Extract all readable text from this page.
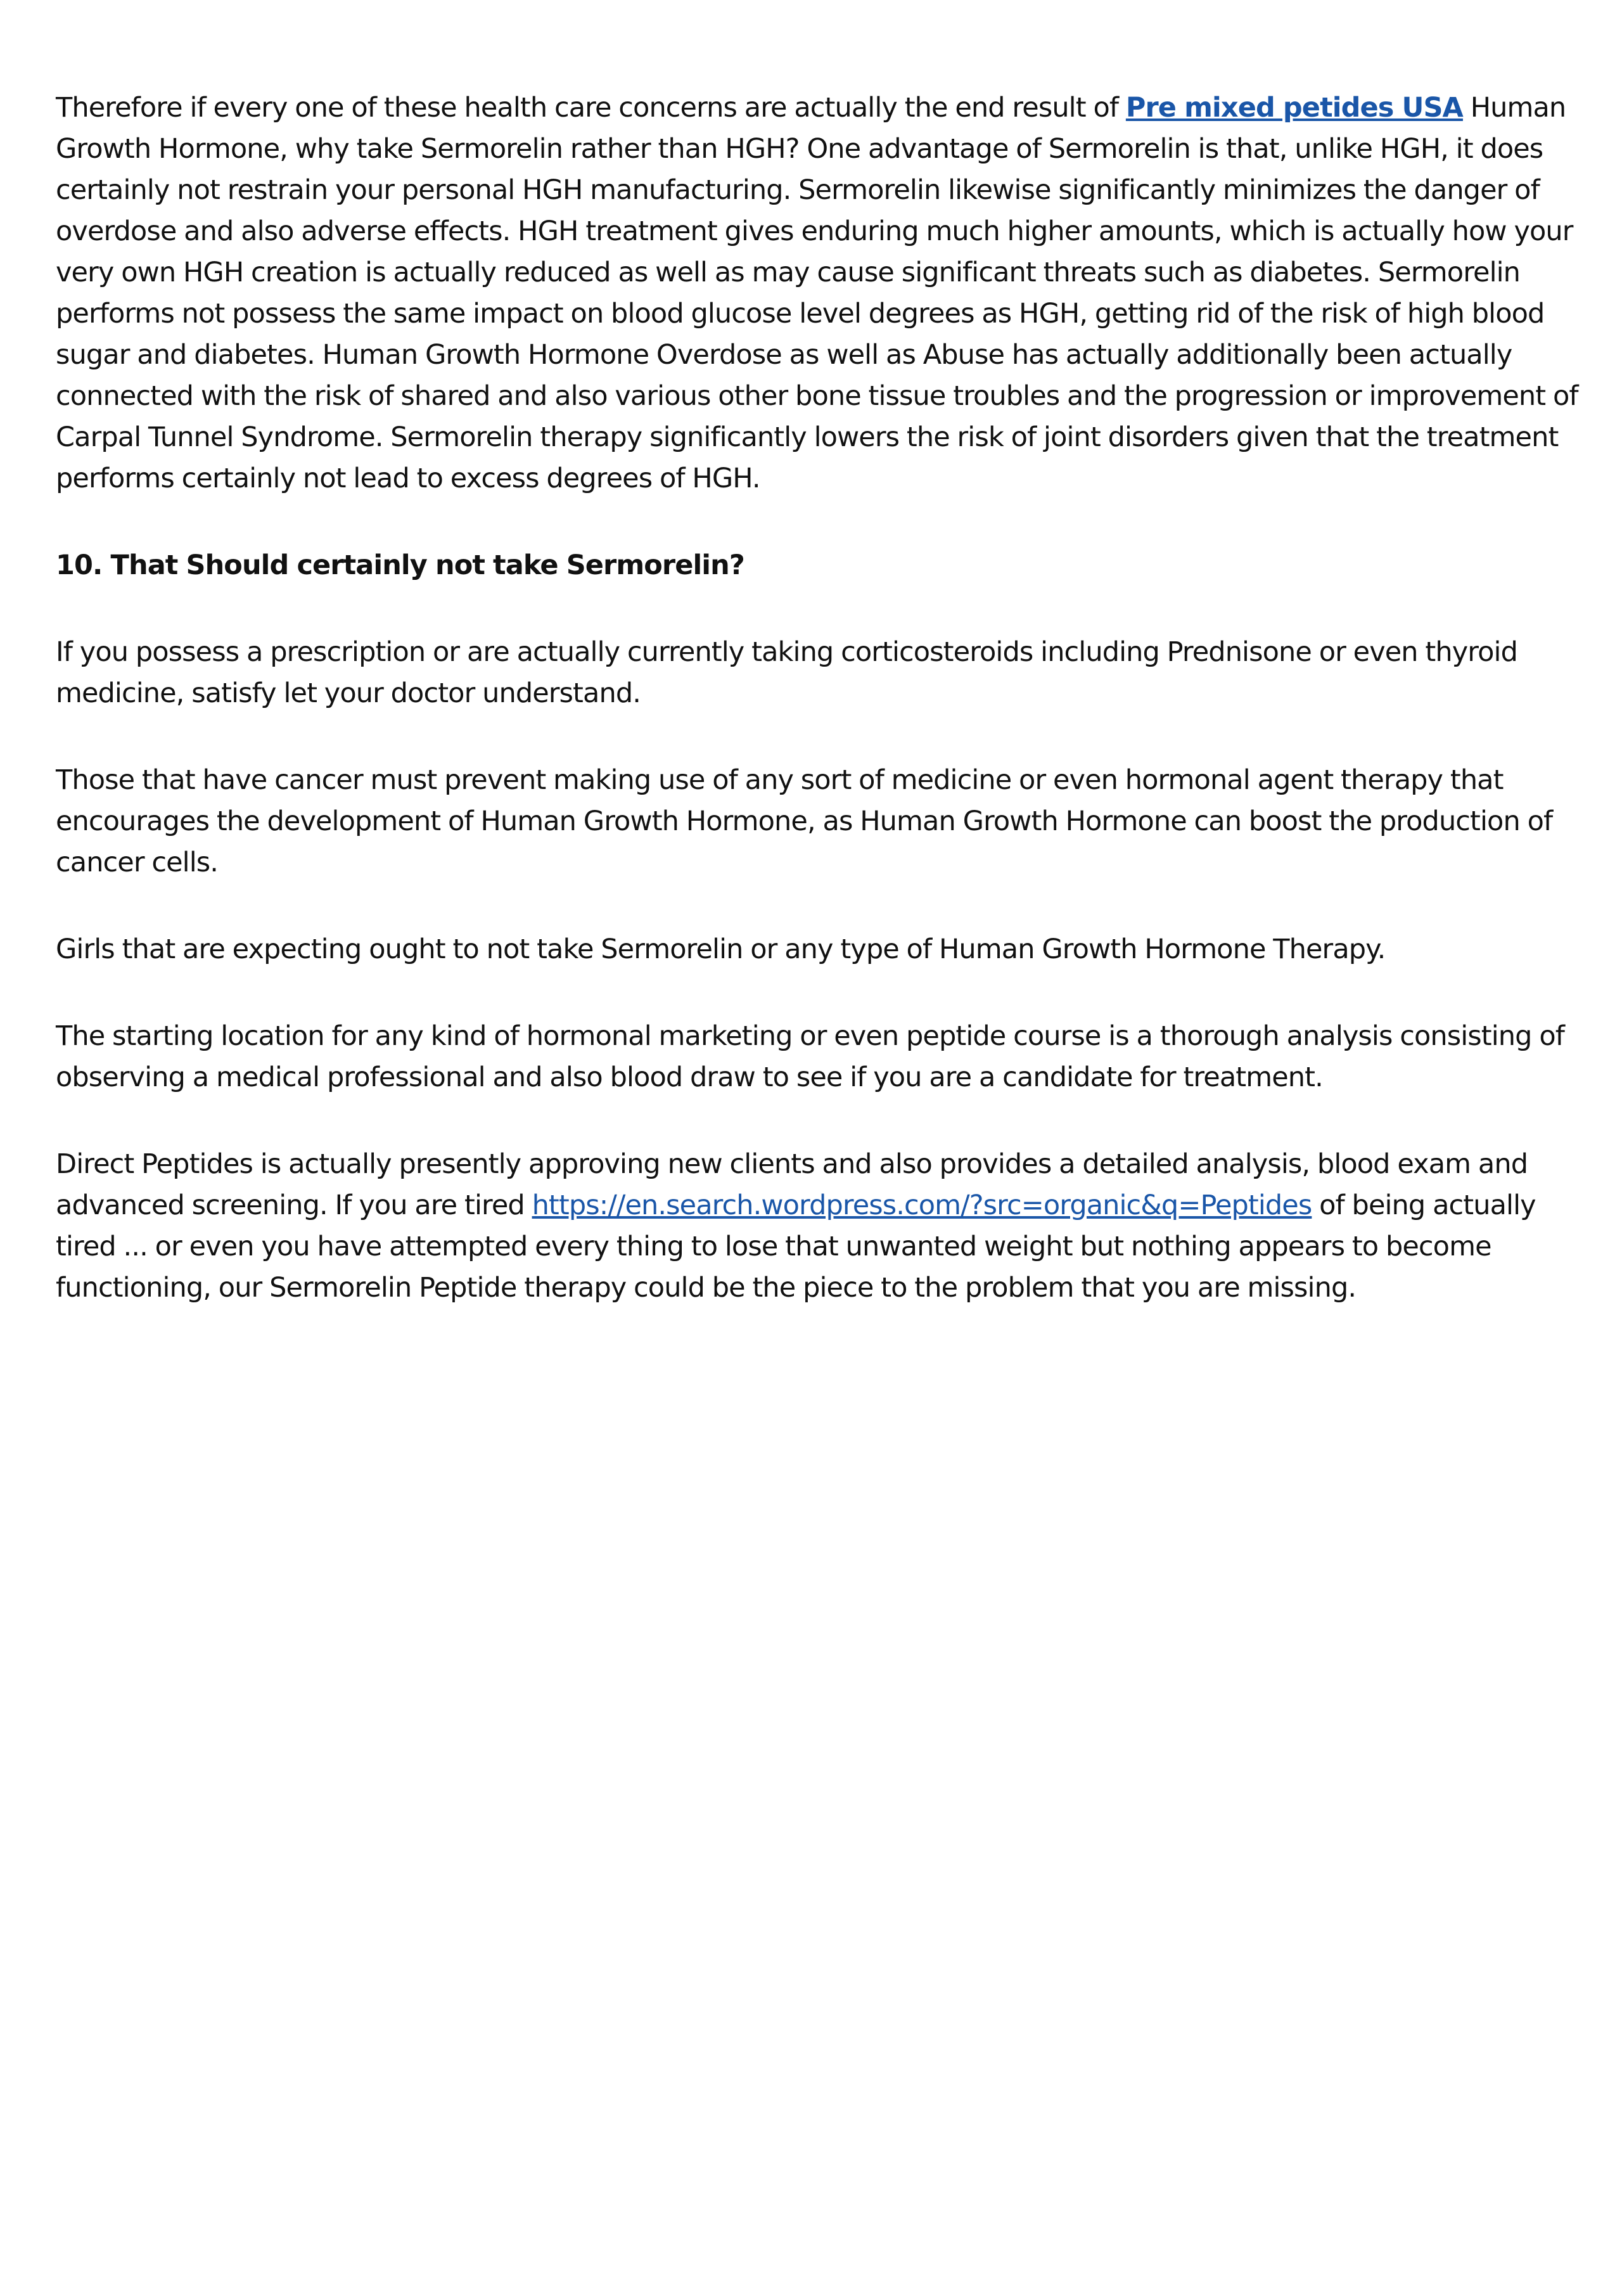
Therefore if every one of these health care concerns are actually the end result of Pre mixed petides USA Human Growth Hormone, why take Sermorelin rather than HGH? One advantage of Sermorelin is that, unlike HGH, it does certainly not restrain your personal HGH manufacturing. Sermorelin likewise significantly minimizes the danger of overdose and also adverse effects. HGH treatment gives enduring much higher amounts, which is actually how your very own HGH creation is actually reduced as well as may cause significant threats such as diabetes. Sermorelin performs not possess the same impact on blood glucose level degrees as HGH, getting rid of the risk of high blood sugar and diabetes. Human Growth Hormone Overdose as well as Abuse has actually additionally been actually connected with the risk of shared and also various other bone tissue troubles and the progression or improvement of Carpal Tunnel Syndrome. Sermorelin therapy significantly lowers the risk of joint disorders given that the treatment performs certainly not lead to excess degrees of HGH.

10. That Should certainly not take Sermorelin?

If you possess a prescription or are actually currently taking corticosteroids including Prednisone or even thyroid medicine, satisfy let your doctor understand.

Those that have cancer must prevent making use of any sort of medicine or even hormonal agent therapy that encourages the development of Human Growth Hormone, as Human Growth Hormone can boost the production of cancer cells.

Girls that are expecting ought to not take Sermorelin or any type of Human Growth Hormone Therapy.

The starting location for any kind of hormonal marketing or even peptide course is a thorough analysis consisting of observing a medical professional and also blood draw to see if you are a candidate for treatment.

Direct Peptides is actually presently approving new clients and also provides a detailed analysis, blood exam and advanced screening. If you are tired https://en.search.wordpress.com/?src=organic&q=Peptides of being actually tired ... or even you have attempted every thing to lose that unwanted weight but nothing appears to become functioning, our Sermorelin Peptide therapy could be the piece to the problem that you are missing.
